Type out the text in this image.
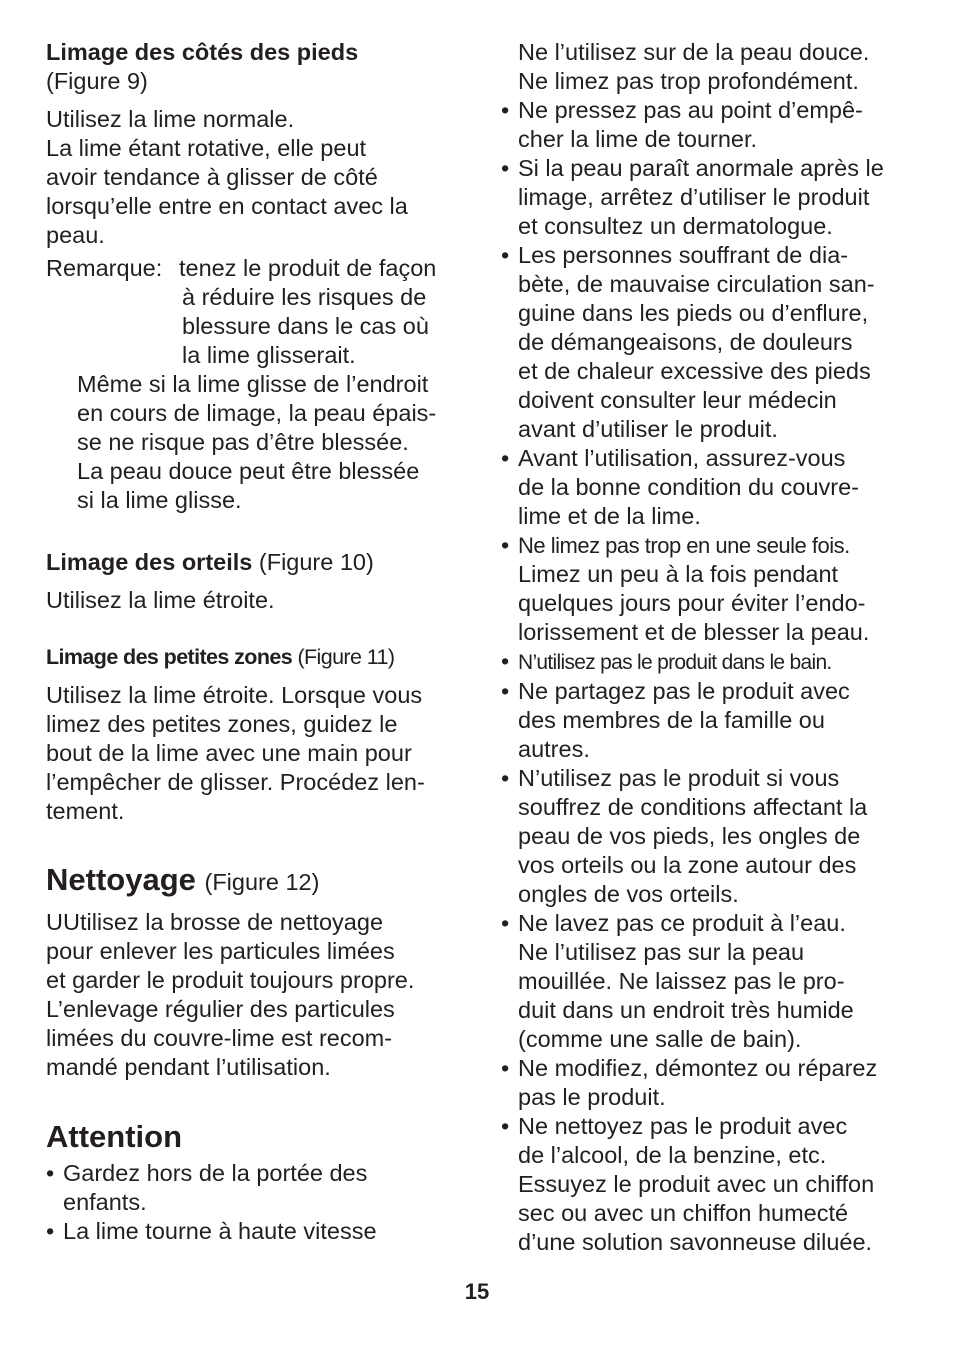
Limage des côtés des pieds
(Figure 9)

Utilisez la lime normale.

La lime étant rotative, elle peut

avoir tendance à glisser de côté

lorsqu’elle entre en contact avec la

peau.

Remarque: tenez le produit de façon

à réduire les risques de

blessure dans le cas où

la lime glisserait.

Même si la lime glisse de l’endroit

en cours de limage, la peau épais-

se ne risque pas d’être blessée.

La peau douce peut être blessée

si la lime glisse.

Limage des orteils (Figure 10)

Utilisez la lime étroite.

Limage des petites zones (Figure 11)

Utilisez la lime étroite. Lorsque vous

limez des petites zones, guidez le

bout de la lime avec une main pour

l’empêcher de glisser. Procédez len-

tement.

Nettoyage (Figure 12)

UUtilisez la brosse de nettoyage

pour enlever les particules limées

et garder le produit toujours propre.

L’enlevage régulier des particules

limées du couvre-lime est recom-

mandé pendant l’utilisation.

Attention
• Gardez hors de la portée des
enfants.
• La lime tourne à haute vitesse

Ne l’utilisez sur de la peau douce.

Ne limez pas trop profondément.

• Ne pressez pas au point d’empê-
cher la lime de tourner.
• Si la peau paraît anormale après le
limage, arrêtez d’utiliser le produit
et consultez un dermatologue.
• Les personnes souffrant de dia-
bète, de mauvaise circulation san-
guine dans les pieds ou d’enflure,
de démangeaisons, de douleurs
et de chaleur excessive des pieds
doivent consulter leur médecin
avant d’utiliser le produit.
• Avant l’utilisation, assurez-vous
de la bonne condition du couvre-
lime et de la lime.
• Ne limez pas trop en une seule fois.
Limez un peu à la fois pendant
quelques jours pour éviter l’endo-
lorissement et de blesser la peau.
• N’utilisez pas le produit dans le bain.
• Ne partagez pas le produit avec
des membres de la famille ou
autres.
• N’utilisez pas le produit si vous
souffrez de conditions affectant la
peau de vos pieds, les ongles de
vos orteils ou la zone autour des
ongles de vos orteils.
• Ne lavez pas ce produit à l’eau.
Ne l’utilisez pas sur la peau
mouillée. Ne laissez pas le pro-
duit dans un endroit très humide
(comme une salle de bain).
• Ne modifiez, démontez ou réparez
pas le produit.
• Ne nettoyez pas le produit avec
de l’alcool, de la benzine, etc.
Essuyez le produit avec un chiffon
sec ou avec un chiffon humecté
d’une solution savonneuse diluée.
15
